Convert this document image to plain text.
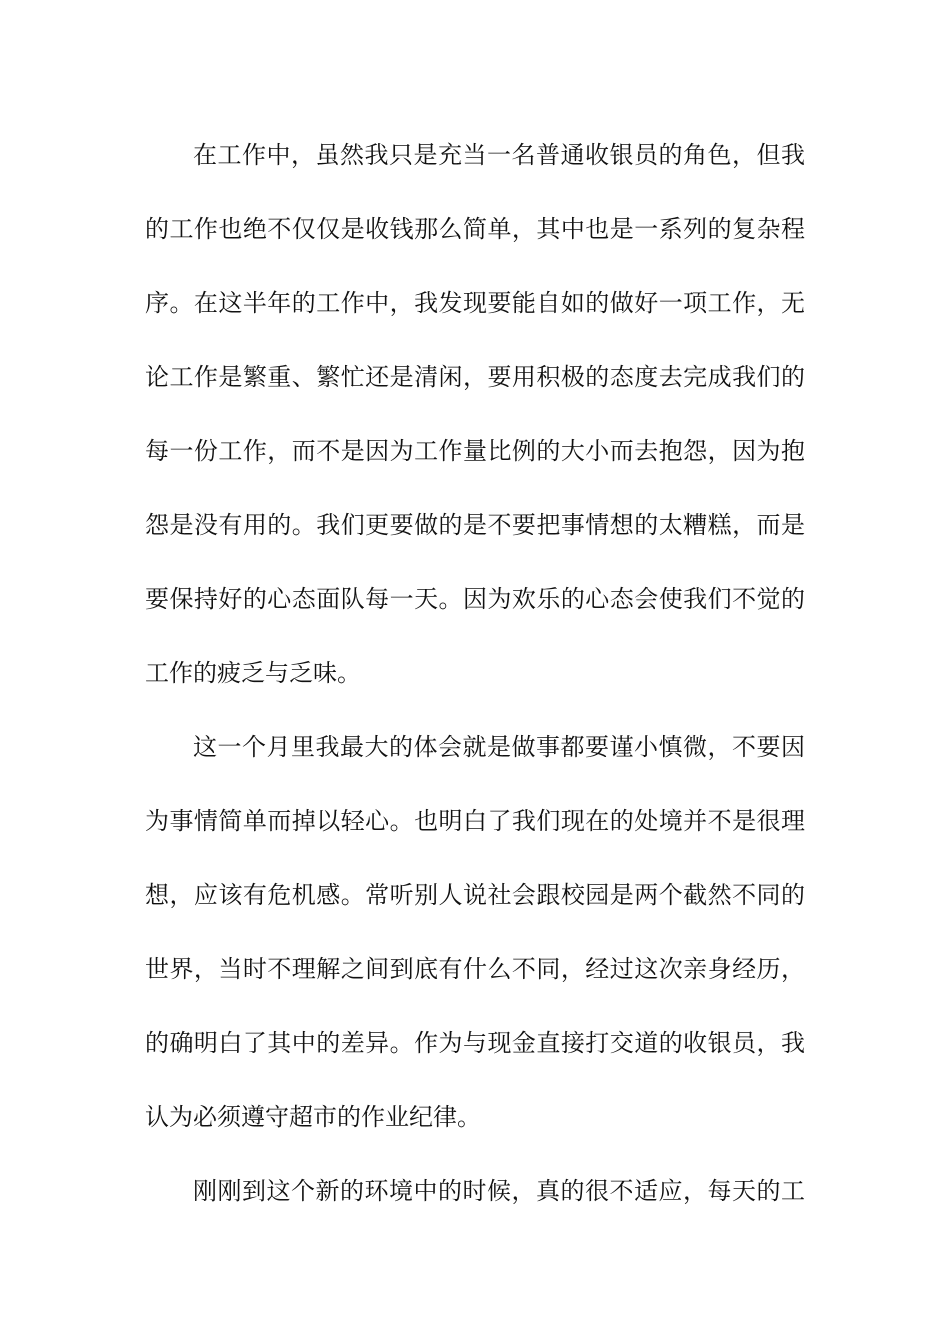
在工作中，虽然我只是充当一名普通收银员的角色，但我
的工作也绝不仅仅是收钱那么简单，其中也是一系列的复杂程
序。在这半年的工作中，我发现要能自如的做好一项工作，无
论工作是繁重、繁忙还是清闲，要用积极的态度去完成我们的
每一份工作，而不是因为工作量比例的大小而去抱怨，因为抱
怨是没有用的。我们更要做的是不要把事情想的太糟糕，而是
要保持好的心态面队每一天。因为欢乐的心态会使我们不觉的
工作的疲乏与乏味。
这一个月里我最大的体会就是做事都要谨小慎微，不要因
为事情简单而掉以轻心。也明白了我们现在的处境并不是很理
想，应该有危机感。常听别人说社会跟校园是两个截然不同的
世界，当时不理解之间到底有什么不同，经过这次亲身经历，
的确明白了其中的差异。作为与现金直接打交道的收银员，我
认为必须遵守超市的作业纪律。
刚刚到这个新的环境中的时候，真的很不适应，每天的工
